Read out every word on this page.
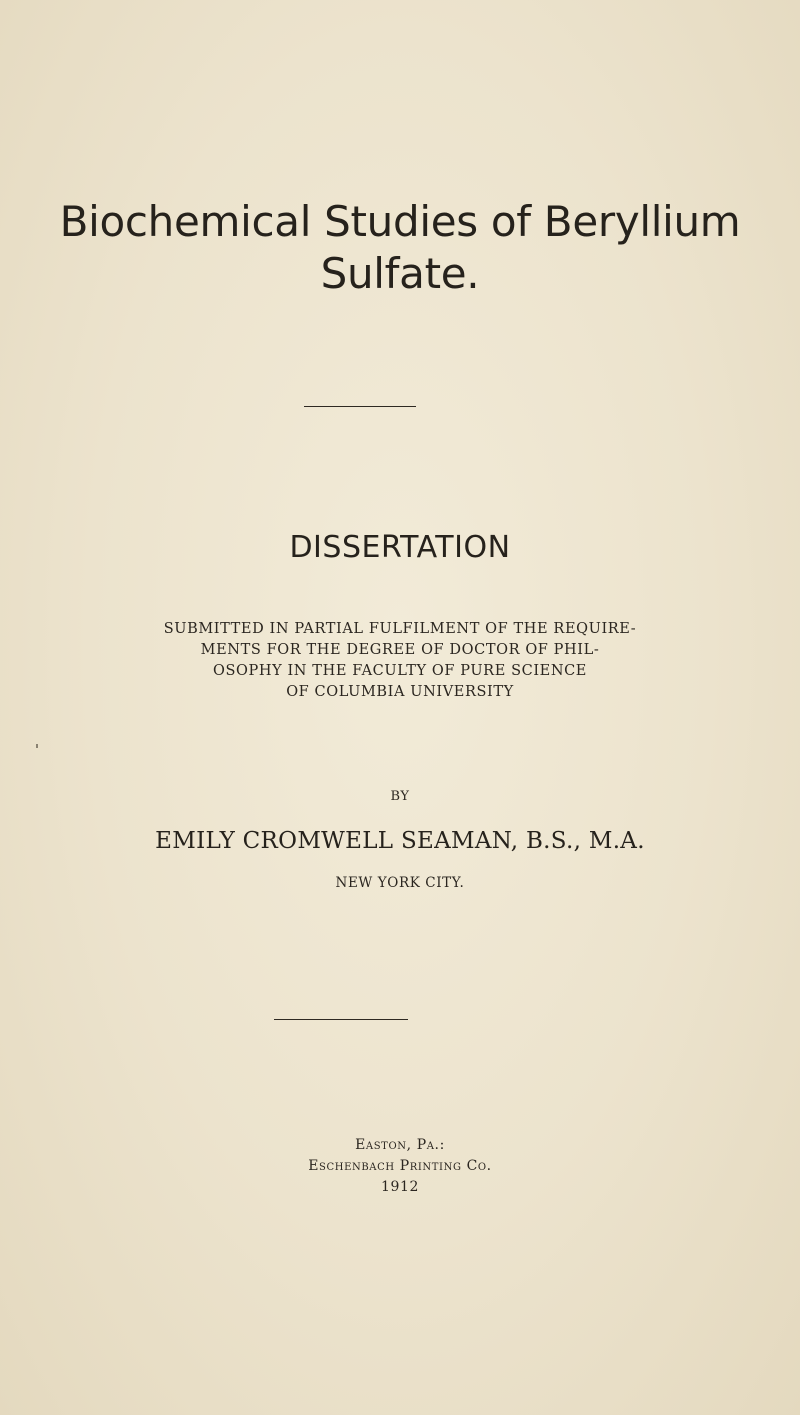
Biochemical Studies of Beryllium
Sulfate.
DISSERTATION
SUBMITTED IN PARTIAL FULFILMENT OF THE REQUIRE-
MENTS FOR THE DEGREE OF DOCTOR OF PHIL-
OSOPHY IN THE FACULTY OF PURE SCIENCE
OF COLUMBIA UNIVERSITY
BY
EMILY CROMWELL SEAMAN, B.S., M.A.
NEW YORK CITY.
Easton, Pa.:
Eschenbach Printing Co.
1912
